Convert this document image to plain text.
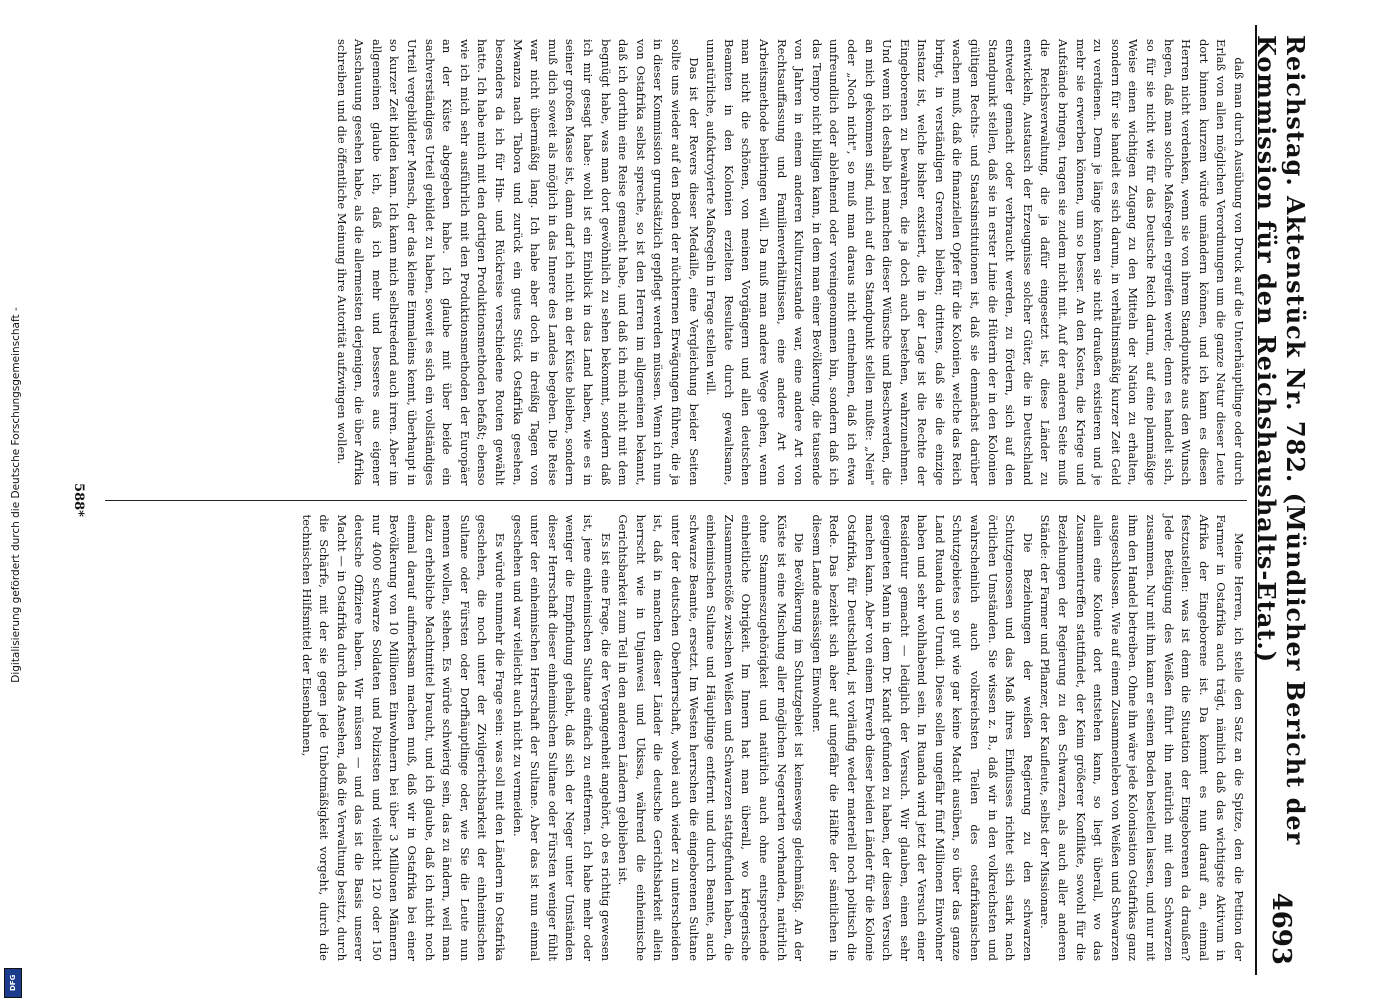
Digitalisierung gefördert durch die Deutsche Forschungsgemeinschaft -
DFG
Reichstag. Aktenstück Nr. 782. (Mündlicher Bericht der Kommission für den Reichshaushalts-Etat.)
4693

daß man durch Ausübung von Druck auf die Unterhäuptlinge oder durch Erlaß von allen möglichen Verordnungen um die ganze Natur dieser Leute dort binnen kurzem würde umändern können, und ich kann es diesen Herren nicht verdenken, wenn sie von ihrem Standpunkte aus den Wunsch hegen, daß man solche Maßregeln ergreifen werde; denn es handelt sich, so für sie nicht wie für das Deutsche Reich darum, auf eine planmäßige Weise einen wichtigen Zugang zu den Mitteln der Nation zu erhalten, sondern für sie handelt es sich darum, in verhältnismäßig kurzer Zeit Geld zu verdienen. Denn je länge können sie nicht draußen existieren und je mehr sie erwerben können, um so besser. An den Kosten, die Kriege und Aufstände bringen, tragen sie zudem nicht mit. Auf der anderen Seite muß die Reichsverwaltung, die ja dafür eingesetzt ist, diese Länder zu entwickeln, Austausch der Erzeugnisse solcher Güter, die in Deutschland entweder gemacht oder verbraucht werden, zu fördern, sich auf den Standpunkt stellen, daß sie in erster Linie die Hüterin der in den Kolonien gültigen Rechts- und Staatsinstitutionen ist, daß sie demnächst darüber wachen muß, daß die finanziellen Opfer für die Kolonien, welche das Reich bringt, in verständigen Grenzen bleiben; drittens, daß sie die einzige Instanz ist, welche bisher existiert, die in der Lage ist die Rechte der Eingeborenen zu bewahren, die ja doch auch bestehen, wahrzunehmen. Und wenn ich deshalb bei manchen dieser Wünsche und Beschwerden, die an mich gekommen sind, mich auf den Standpunkt stellen mußte: „Nein" oder „Noch nicht", so muß man daraus nicht entnehmen, daß ich etwa unfreundlich oder ablehnend oder voreingenommen bin, sondern daß ich das Tempo nicht billigen kann, in dem man einer Bevölkerung, die tausende von Jahren in einem anderen Kulturzustande war, eine andere Art von Rechtsauffassung und Familienverhältnissen, eine andere Art von Arbeitsmethode beibringen will. Da muß man andere Wege gehen, wenn man nicht die schönen, von meinen Vorgängern und allen deutschen Beamten in den Kolonien erzielten Resultate durch gewaltsame, unnatürliche, aufoktroyierte Maßregeln in Frage stellen will.

Das ist der Revers dieser Medaille, eine Vergleichung beider Seiten sollte uns wieder auf den Boden der nüchternen Erwägungen führen, die ja in dieser Kommission grundsätzlich gepflegt werden müssen. Wenn ich nun von Ostafrika selbst spreche, so ist den Herren im allgemeinen bekannt, daß ich dorthin eine Reise gemacht habe, und daß ich mich nicht mit dem begnügt habe, was man dort gewöhnlich zu sehen bekommt, sondern daß ich mir gesagt habe: wohl ist ein Einblick in das Land haben, wie es in seiner großen Masse ist, dann darf ich nicht an der Küste bleiben, sondern muß dich soweit als möglich in das Innere des Landes begeben. Die Reise war nicht übermäßig lang. Ich habe aber doch in dreißig Tagen von Mwanza nach Tabora und zurück ein gutes Stück Ostafrika gesehen, besonders da ich für Hin- und Rückreise verschiedene Routen gewählt hatte. Ich habe mich mit den dortigen Produktionsmethoden befaßt; ebenso wie ich mich sehr ausführlich mit den Produktionsmethoden der Europäer an der Küste abgegeben habe. Ich glaube mit über beide ein sachverständiges Urteil gebildet zu haben, soweit es sich ein vollständiges Urteil vergebildeter Mensch, der das kleine Einmaleins kennt, überhaupt in so kurzer Zeit bilden kann. Ich kann mich selbstredend auch irren. Aber im allgemeinen glaube ich, daß ich mehr und besseres aus eigener Anschauung gesehen habe, als die allermeisten derjenigen, die über Afrika schreiben und die öffentliche Meinung ihre Autorität aufzwingen wollen.

Meine Herren, ich stelle den Satz an die Spitze, den die Petition der Farmer in Ostafrika auch trägt, nämlich daß das wichtigste Aktivum in Afrika der Eingeborene ist. Da kommt es nun darauf an, einmal festzustellen: was ist denn die Situation der Eingeborenen da draußen? Jede Betätigung des Weißen führt ihn natürlich mit dem Schwarzen zusammen. Nur mit ihm kann er seinen Boden bestellen lassen, und nur mit ihm den Handel betreiben. Ohne ihn wäre jede Kolonisation Ostafrikas ganz ausgeschlossen. Wie auf einem Zusammenleben von Weißen und Schwarzen allein eine Kolonie dort entstehen kann, so liegt überall, wo das Zusammentreffen stattfindet, der Keim größerer Konflikte, sowohl für die Beziehungen der Regierung zu den Schwarzen, als auch aller anderen Stände: der Farmer und Pflanzer, der Kaufleute, selbst der Missionare.

Die Beziehungen der weißen Regierung zu den schwarzen Schutzgenossen und das Maß ihres Einflusses richtet sich stark nach örtlichen Umständen. Sie wissen z. B., daß wir in den volkreichsten und wahrscheinlich auch volkreichsten Teilen des ostafrikanischen Schutzgebietes so gut wie gar keine Macht ausüben, so über das ganze Land Ruanda und Urundi. Diese sollen ungefähr fünf Millionen Einwohner haben und sehr wohlhabend sein. In Ruanda wird jetzt der Versuch einer Residentur gemacht — lediglich der Versuch. Wir glauben, einen sehr geeigneten Mann in dem Dr. Kandt gefunden zu haben, der diesen Versuch machen kann. Aber von einem Erwerb dieser beiden Länder für die Kolonie Ostafrika, für Deutschland, ist vorläufig weder materiell noch politisch die Rede. Das bezieht sich aber auf ungefähr die Hälfte der sämtlichen in diesem Lande ansässigen Einwohner.

Die Bevölkerung im Schutzgebiet ist keineswegs gleichmäßig. An der Küste ist eine Mischung aller möglichen Negerarten vorhanden, natürlich ohne Stammeszugehörigkeit und natürlich auch ohne entsprechende einheitliche Obrigkeit. Im Innern hat man überall, wo kriegerische Zusammenstöße zwischen Weißen und Schwarzen stattgefunden haben, die einheimischen Sultane und Häuptlinge entfernt und durch Beamte, auch schwarze Beamte, ersetzt. Im Westen herrschen die eingeborenen Sultane unter der deutschen Oberherrschaft, wobei auch wieder zu unterscheiden ist, daß in manchen dieser Länder die deutsche Gerichtsbarkeit allein herrscht wie in Unjanwesi und Ukissa, während die einheimische Gerichtsbarkeit zum Teil in den anderen Ländern geblieben ist.

Es ist eine Frage, die der Vergangenheit angehört, ob es richtig gewesen ist, jene einheimischen Sultane einfach zu entfernen. Ich habe mehr oder weniger die Empfindung gehabt, daß sich der Neger unter Umständen dieser Herrschaft dieser einheimischen Sultane oder Fürsten weniger fühlt unter der einheimischen Herrschaft der Sultane. Aber das ist nun einmal geschehen und war vielleicht auch nicht zu vermeiden.

Es würde nunmehr die Frage sein: was soll mit den Ländern in Ostafrika geschehen, die noch unter der Zivilgerichtsbarkeit der einheimischen Sultane oder Fürsten oder Dorfhäuptlinge oder, wie Sie die Leute nun nennen wollen, stehen. Es würde schwierig sein, das zu ändern, weil man dazu erhebliche Machtmittel braucht, und ich glaube, daß ich nicht noch einmal darauf aufmerksam machen muß, daß wir in Ostafrika bei einer Bevölkerung von 10 Millionen Einwohnern bei über 3 Millionen Männern nur 4000 schwarze Soldaten und Polizisten und vielleicht 120 oder 150 deutsche Offiziere haben. Wir müssen — und das ist die Basis unserer Macht — in Ostafrika durch das Ansehen, daß die Verwaltung besitzt, durch die Schärfe, mit der sie gegen jede Unbotmäßigkeit vorgeht, durch die technischen Hilfsmittel der Eisenbahnen,

588*
